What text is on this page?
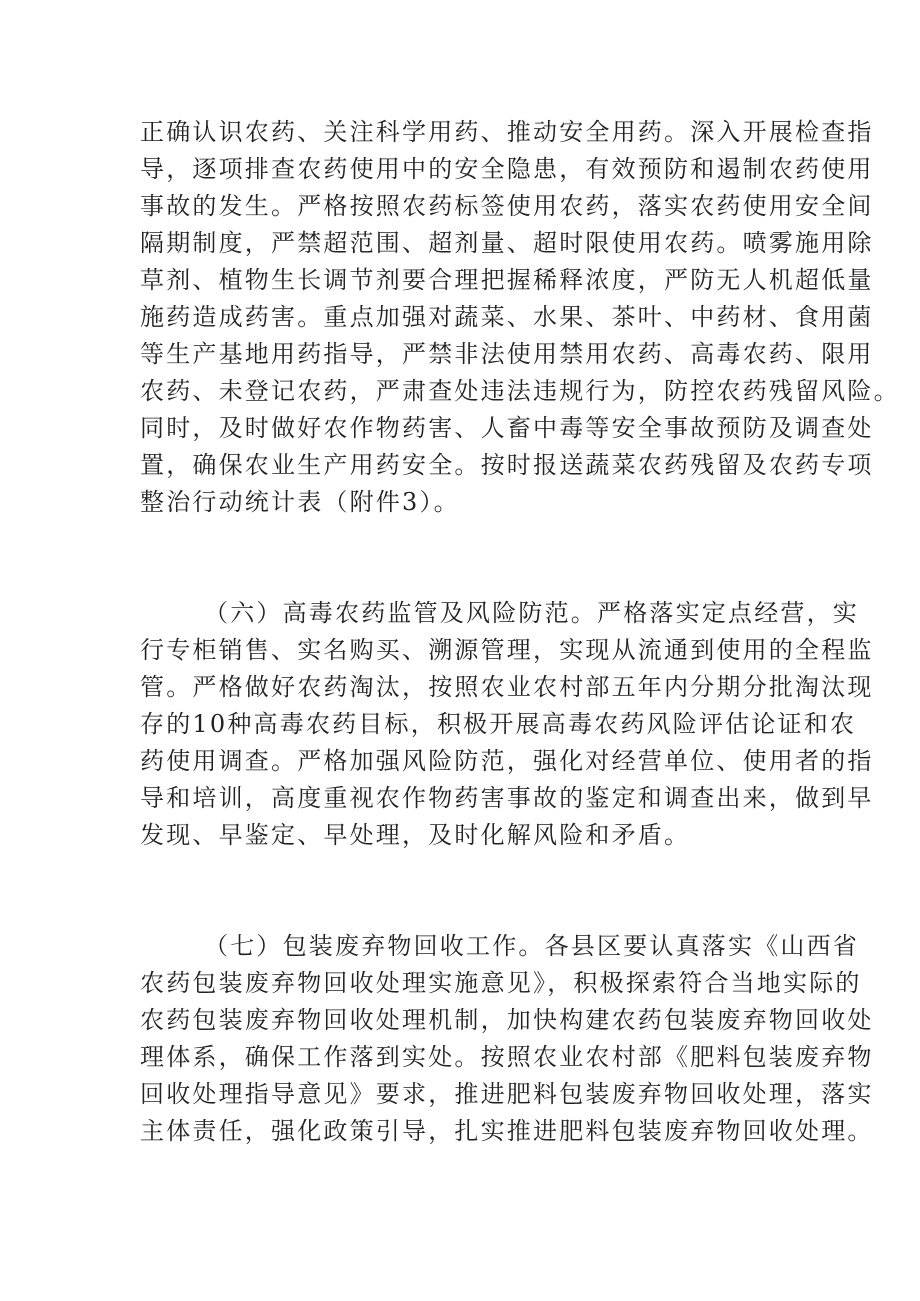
正确认识农药、关注科学用药、推动安全用药。深入开展检查指
导，逐项排查农药使用中的安全隐患，有效预防和遏制农药使用
事故的发生。严格按照农药标签使用农药，落实农药使用安全间
隔期制度，严禁超范围、超剂量、超时限使用农药。喷雾施用除
草剂、植物生长调节剂要合理把握稀释浓度，严防无人机超低量
施药造成药害。重点加强对蔬菜、水果、茶叶、中药材、食用菌
等生产基地用药指导，严禁非法使用禁用农药、高毒农药、限用
农药、未登记农药，严肃查处违法违规行为，防控农药残留风险。
同时，及时做好农作物药害、人畜中毒等安全事故预防及调查处
置，确保农业生产用药安全。按时报送蔬菜农药残留及农药专项
整治行动统计表（附件3）。
（六）高毒农药监管及风险防范。严格落实定点经营，实
行专柜销售、实名购买、溯源管理，实现从流通到使用的全程监
管。严格做好农药淘汰，按照农业农村部五年内分期分批淘汰现
存的10种高毒农药目标，积极开展高毒农药风险评估论证和农
药使用调查。严格加强风险防范，强化对经营单位、使用者的指
导和培训，高度重视农作物药害事故的鉴定和调查出来，做到早
发现、早鉴定、早处理，及时化解风险和矛盾。
（七）包装废弃物回收工作。各县区要认真落实《山西省
农药包装废弃物回收处理实施意见》，积极探索符合当地实际的
农药包装废弃物回收处理机制，加快构建农药包装废弃物回收处
理体系，确保工作落到实处。按照农业农村部《肥料包装废弃物
回收处理指导意见》要求，推进肥料包装废弃物回收处理，落实
主体责任，强化政策引导，扎实推进肥料包装废弃物回收处理。
